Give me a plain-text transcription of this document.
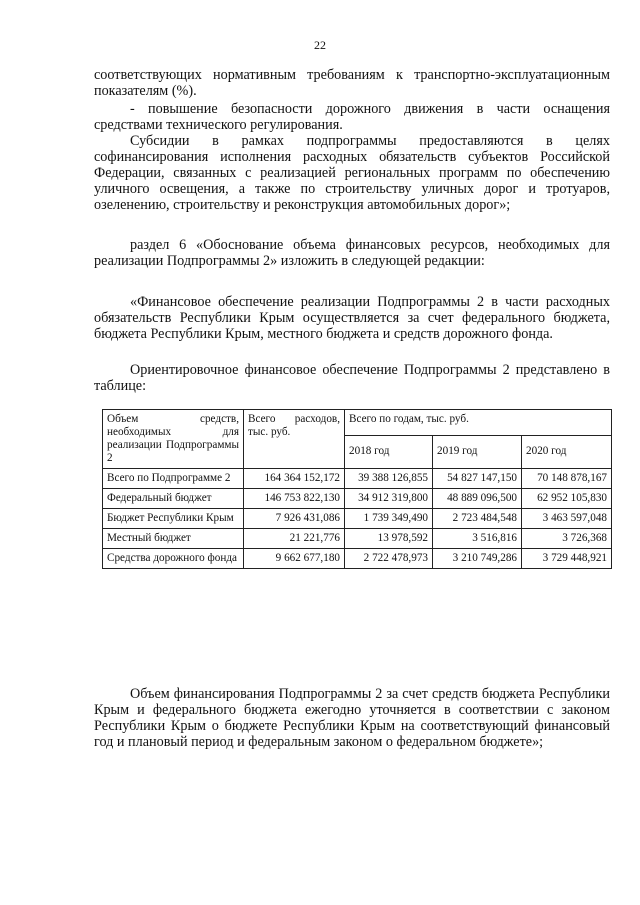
22

соответствующих нормативным требованиям к транспортно-эксплуатационным показателям (%).

- повышение безопасности дорожного движения в части оснащения средствами технического регулирования.

Субсидии в рамках подпрограммы предоставляются в целях софинансирования исполнения расходных обязательств субъектов Российской Федерации, связанных с реализацией региональных программ по обеспечению уличного освещения, а также по строительству уличных дорог и тротуаров, озеленению, строительству и реконструкция автомобильных дорог»;

раздел 6 «Обоснование объема финансовых ресурсов, необходимых для реализации Подпрограммы 2» изложить в следующей редакции:

«Финансовое обеспечение реализации Подпрограммы 2 в части расходных обязательств Республики Крым осуществляется за счет федерального бюджета, бюджета Республики Крым, местного бюджета и средств дорожного фонда.

Ориентировочное финансовое обеспечение Подпрограммы 2 представлено в таблице:

Объем средств, необходимых для реализации Подпрограммы 2	Всего расходов, тыс. руб.	Всего по годам, тыс. руб.		
		2018 год	2019 год	2020 год
Всего по Подпрограмме 2	164 364 152,172	39 388 126,855	54 827 147,150	70 148 878,167
Федеральный бюджет	146 753 822,130	34 912 319,800	48 889 096,500	62 952 105,830
Бюджет Республики Крым	7 926 431,086	1 739 349,490	2 723 484,548	3 463 597,048
Местный бюджет	21 221,776	13 978,592	3 516,816	3 726,368
Средства дорожного фонда	9 662 677,180	2 722 478,973	3 210 749,286	3 729 448,921

Объем финансирования Подпрограммы 2 за счет средств бюджета Республики Крым и федерального бюджета ежегодно уточняется в соответствии с законом Республики Крым о бюджете Республики Крым на соответствующий финансовый год и плановый период и федеральным законом о федеральном бюджете»;
